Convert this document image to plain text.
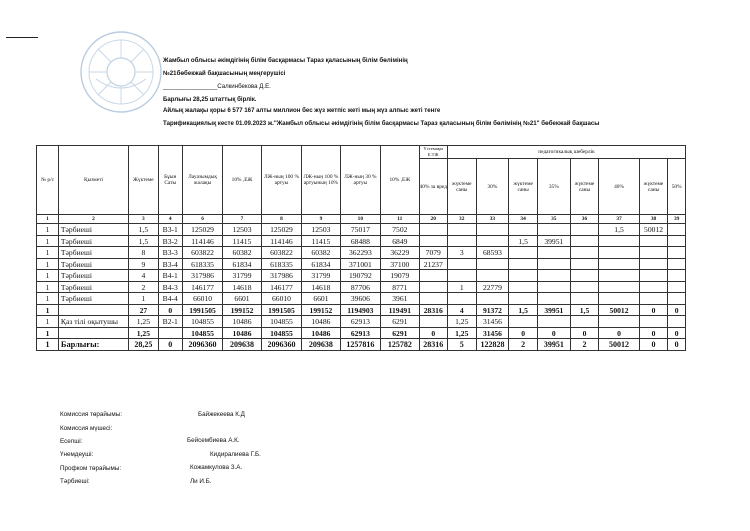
Жамбыл облысы әкімдігінің білім басқармасы Тараз қаласының білім бөлімінің
№21бөбекжай бақшасының меңгерушісі
________________Салкинбекова Д.Е.
Барлығы 28,25 штаттық бірлік.
Айлық жалақы қоры 6 577 167 алты миллион бес жүз жетпіс жеті мың жүз алпыс жеті тенге
Тарификациялық кесте 01.09.2023 ж."Жамбыл облысы әкімдігінің білім басқармасы Тараз қаласының білім бөлімінің №21" бөбекжай бақшасы
№ р/с	Қызметі	Жүктеме	Бұын Саты	Лауазымдық жалақы	10% ,ЕЖ	ЛЖ-ның 100 % артуы	ЛЖ-ның 100 % артуының 10%	ЛЖ-ның 30 % артуы	10% ,ЕЖ	Үстемақы Б.ТЖ	педагогикалық шеберлік
40% за вред	жүктеме саны	30%	жүктеме саны	35%	жүктеме саны	40%	жүктеме саны	50%
1	2	3	4	6	7	8	9	10	11	20	32	33	34	35	36	37	38	39
1	Тәрбиеші	1,5	В3-1	125029	12503	125029	12503	75017	7502							1,5	50012	
1	Тәрбиеші	1,5	В3-2	114146	11415	114146	11415	68488	6849				1,5	39951				
1	Тәрбиеші	8	В3-3	603822	60382	603822	60382	362293	36229	7079	3	68593						
1	Тәрбиеші	9	В3-4	618335	61834	618335	61834	371001	37100	21237								
1	Тәрбиеші	4	В4-1	317986	31799	317986	31799	190792	19079									
1	Тәрбиеші	2	В4-3	146177	14618	146177	14618	87706	8771		1	22779						
1	Тәрбиеші	1	В4-4	66010	6601	66010	6601	39606	3961									
1		27	0	1991505	199152	1991505	199152	1194903	119491	28316	4	91372	1,5	39951	1,5	50012	0	0
1	Қаз тілі оқытушы	1,25	В2-1	104855	10486	104855	10486	62913	6291		1,25	31456						
1		1,25		104855	10486	104855	10486	62913	6291	0	1,25	31456	0	0	0	0	0	0
1	Барлығы:	28,25	0	2096360	209638	2096360	209638	1257816	125782	28316	5	122828	2	39951	2	50012	0	0
Комиссия төрайымы:	Байжекеева К.Д
Комиссия мүшесі:
Есепші:	Бейсембиева А.К.
Үнемдеуші:	Кидиралиева Г.Б.
Профком төрайымы:	Кожамкулова З.А.
Тәрбиеші:	Ли И.Б.
